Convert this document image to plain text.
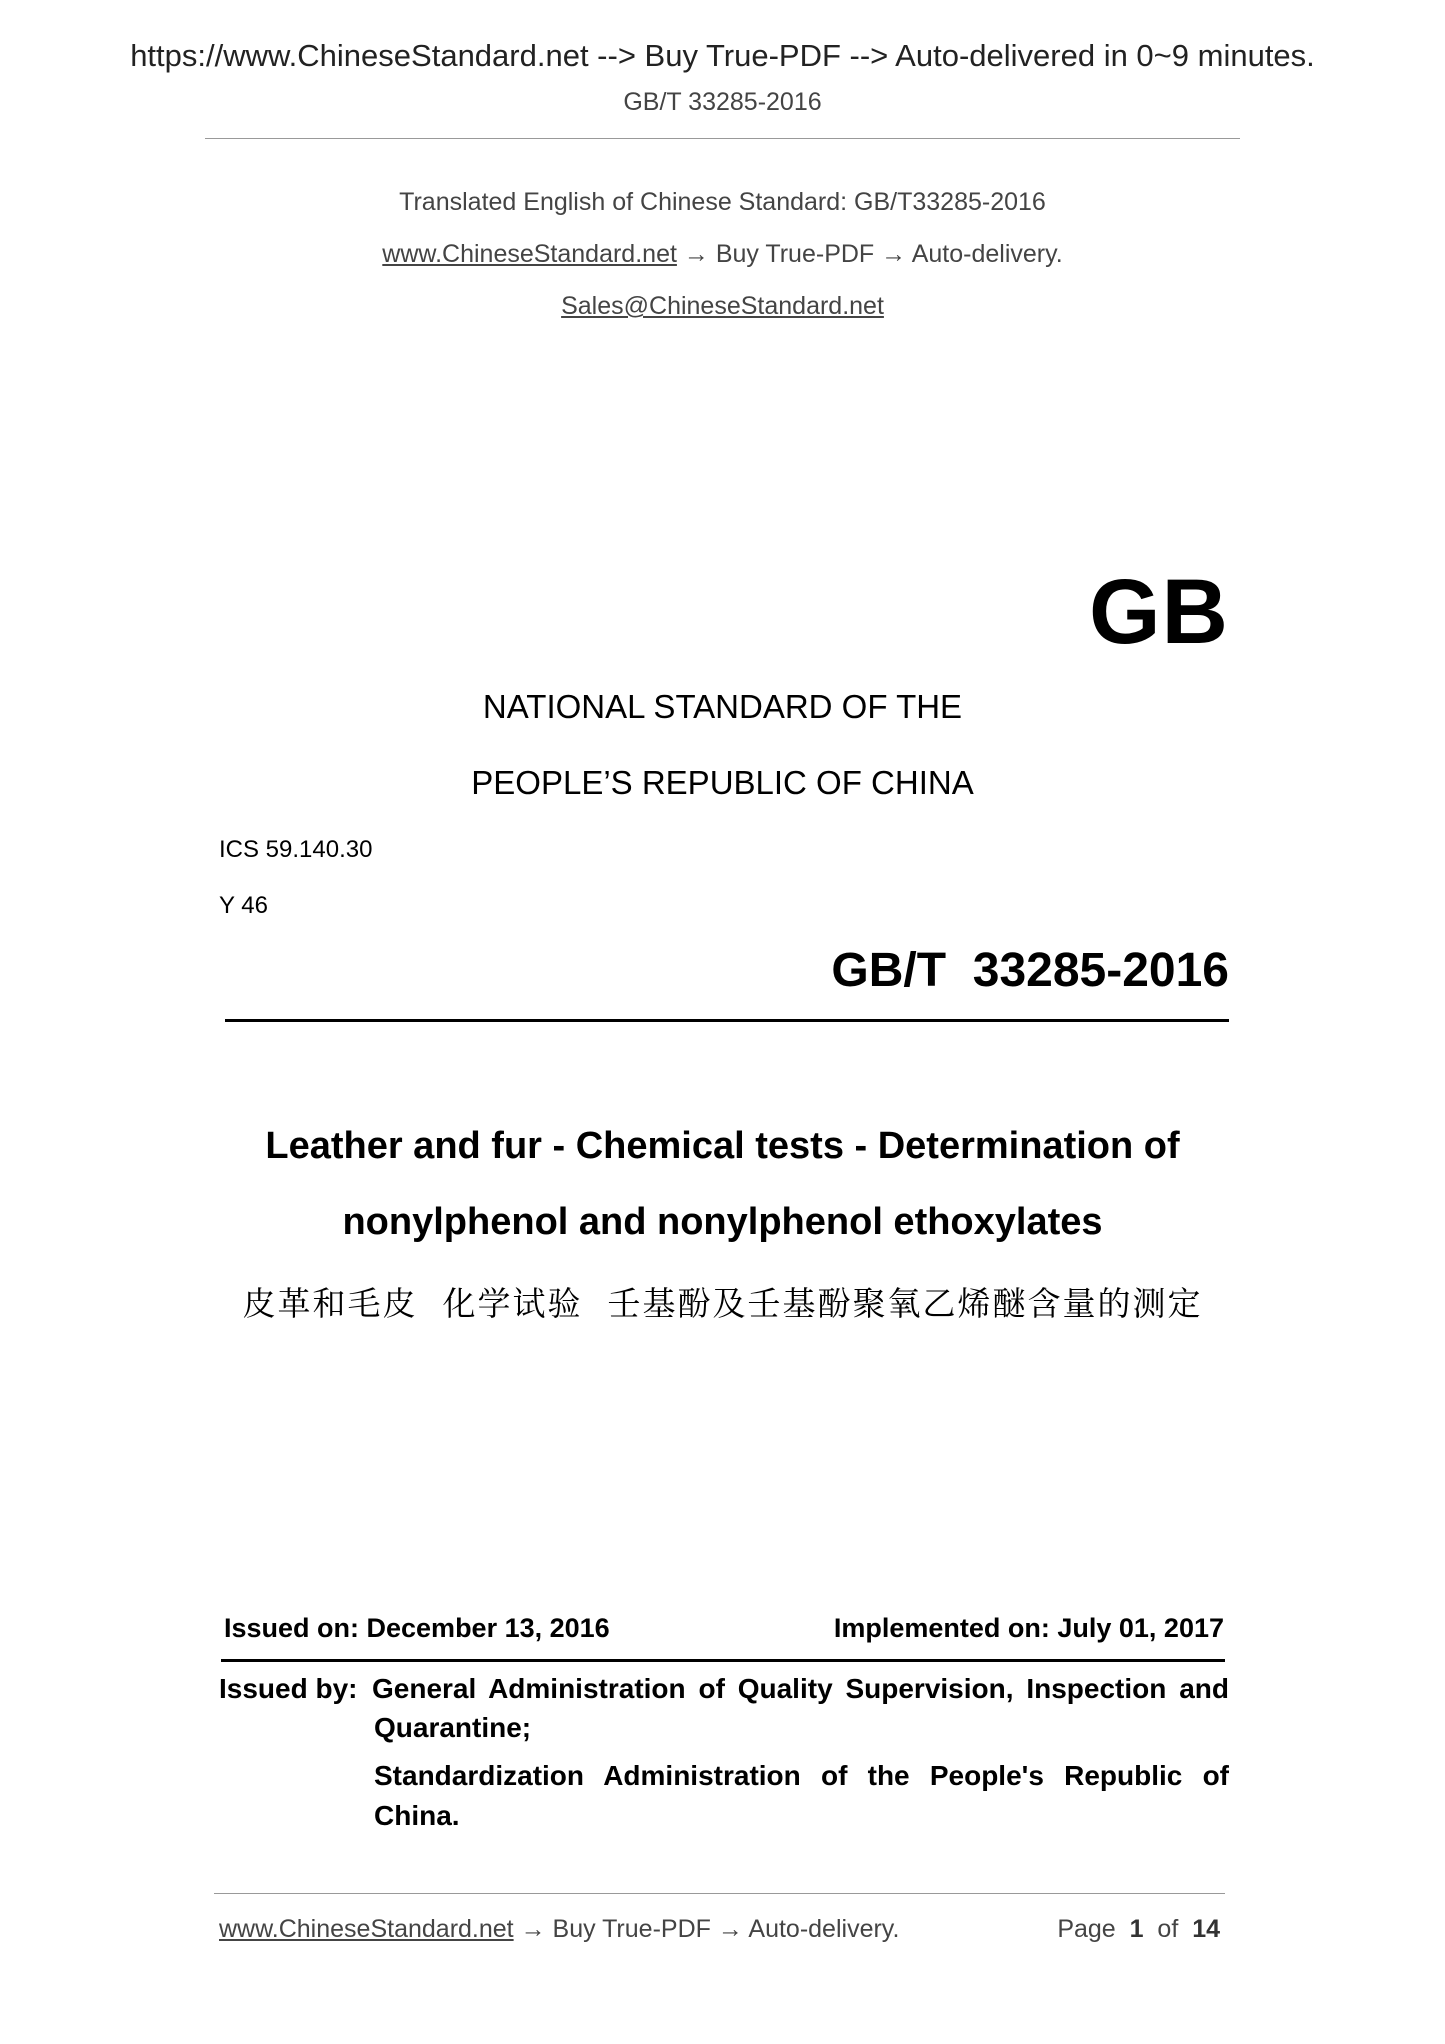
https://www.ChineseStandard.net --> Buy True-PDF --> Auto-delivered in 0~9 minutes.
GB/T 33285-2016
Translated English of Chinese Standard: GB/T33285-2016
www.ChineseStandard.net → Buy True-PDF → Auto-delivery.
Sales@ChineseStandard.net
GB
NATIONAL STANDARD OF THE
PEOPLE’S REPUBLIC OF CHINA
ICS 59.140.30
Y 46
GB/T  33285-2016
Leather and fur - Chemical tests - Determination of
nonylphenol and nonylphenol ethoxylates
皮革和毛皮  化学试验  壬基酚及壬基酚聚氧乙烯醚含量的测定
Issued on: December 13, 2016	Implemented on: July 01, 2017
Issued by: General Administration of Quality Supervision, Inspection and
Quarantine;
Standardization Administration of the People's Republic of
China.
www.ChineseStandard.net → Buy True-PDF → Auto-delivery.	Page 1 of 14
